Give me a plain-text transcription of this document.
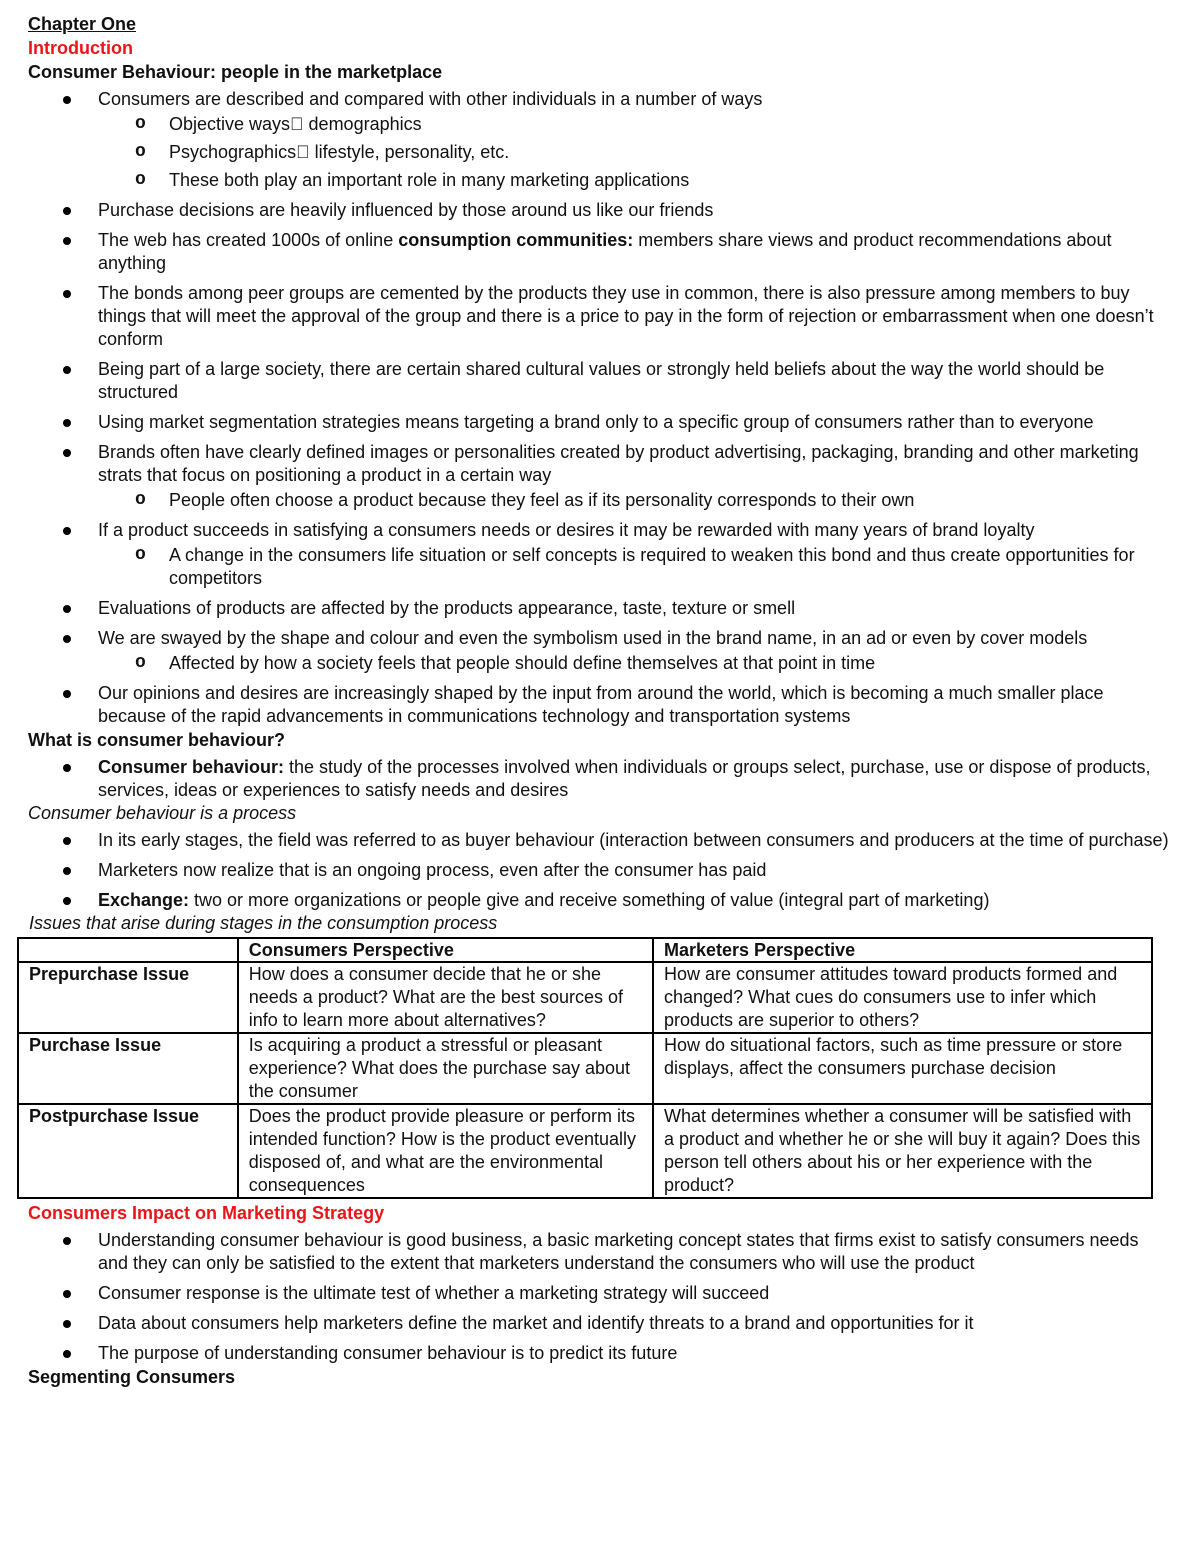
Chapter One
Introduction
Consumer Behaviour: people in the marketplace
Consumers are described and compared with other individuals in a number of ways
o Objective ways demographics
o Psychographics lifestyle, personality, etc.
o These both play an important role in many marketing applications
Purchase decisions are heavily influenced by those around us like our friends
The web has created 1000s of online consumption communities: members share views and product recommendations about anything
The bonds among peer groups are cemented by the products they use in common, there is also pressure among members to buy things that will meet the approval of the group and there is a price to pay in the form of rejection or embarrassment when one doesn’t conform
Being part of a large society, there are certain shared cultural values or strongly held beliefs about the way the world should be structured
Using market segmentation strategies means targeting a brand only to a specific group of consumers rather than to everyone
Brands often have clearly defined images or personalities created by product advertising, packaging, branding and other marketing strats that focus on positioning a product in a certain way
o People often choose a product because they feel as if its personality corresponds to their own
If a product succeeds in satisfying a consumers needs or desires it may be rewarded with many years of brand loyalty
o A change in the consumers life situation or self concepts is required to weaken this bond and thus create opportunities for competitors
Evaluations of products are affected by the products appearance, taste, texture or smell
We are swayed by the shape and colour and even the symbolism used in the brand name, in an ad or even by cover models
o Affected by how a society feels that people should define themselves at that point in time
Our opinions and desires are increasingly shaped by the input from around the world, which is becoming a much smaller place because of the rapid advancements in communications technology and transportation systems
What is consumer behaviour?
Consumer behaviour: the study of the processes involved when individuals or groups select, purchase, use or dispose of products, services, ideas or experiences to satisfy needs and desires
Consumer behaviour is a process
In its early stages, the field was referred to as buyer behaviour (interaction between consumers and producers at the time of purchase)
Marketers now realize that is an ongoing process, even after the consumer has paid
Exchange: two or more organizations or people give and receive something of value (integral part of marketing)
Issues that arise during stages in the consumption process
	Consumers Perspective	Marketers Perspective
Prepurchase Issue	How does a consumer decide that he or she needs a product? What are the best sources of info to learn more about alternatives?	How are consumer attitudes toward products formed and changed? What cues do consumers use to infer which products are superior to others?
Purchase Issue	Is acquiring a product a stressful or pleasant experience? What does the purchase say about the consumer	How do situational factors, such as time pressure or store displays, affect the consumers purchase decision
Postpurchase Issue	Does the product provide pleasure or perform its intended function? How is the product eventually disposed of, and what are the environmental consequences	What determines whether a consumer will be satisfied with a product and whether he or she will buy it again? Does this person tell others about his or her experience with the product?
Consumers Impact on Marketing Strategy
Understanding consumer behaviour is good business, a basic marketing concept states that firms exist to satisfy consumers needs and they can only be satisfied to the extent that marketers understand the consumers who will use the product
Consumer response is the ultimate test of whether a marketing strategy will succeed
Data about consumers help marketers define the market and identify threats to a brand and opportunities for it
The purpose of understanding consumer behaviour is to predict its future
Segmenting Consumers
